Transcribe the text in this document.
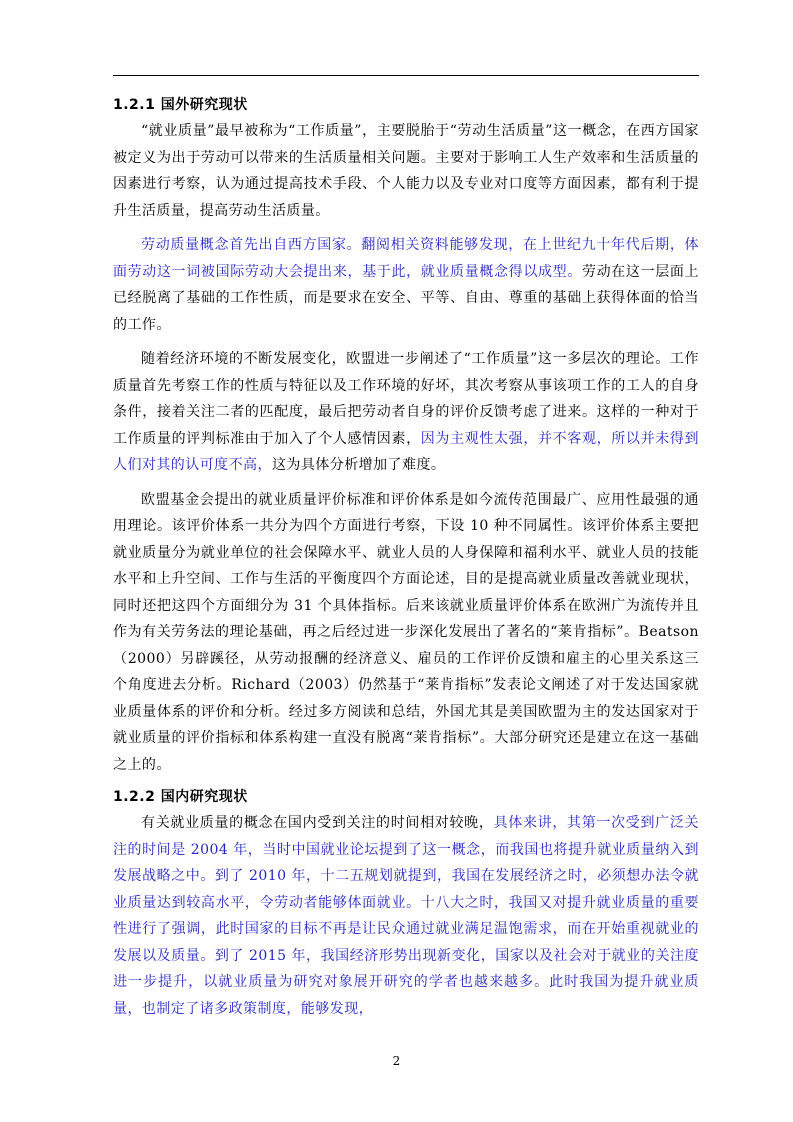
1.2.1 国外研究现状

“就业质量”最早被称为“工作质量”，主要脱胎于“劳动生活质量”这一概念，在西方国家被定义为出于劳动可以带来的生活质量相关问题。主要对于影响工人生产效率和生活质量的因素进行考察，认为通过提高技术手段、个人能力以及专业对口度等方面因素，都有利于提升生活质量，提高劳动生活质量。

劳动质量概念首先出自西方国家。翻阅相关资料能够发现，在上世纪九十年代后期，体面劳动这一词被国际劳动大会提出来，基于此，就业质量概念得以成型。劳动在这一层面上已经脱离了基础的工作性质，而是要求在安全、平等、自由、尊重的基础上获得体面的恰当的工作。

随着经济环境的不断发展变化，欧盟进一步阐述了“工作质量”这一多层次的理论。工作质量首先考察工作的性质与特征以及工作环境的好坏，其次考察从事该项工作的工人的自身条件，接着关注二者的匹配度，最后把劳动者自身的评价反馈考虑了进来。这样的一种对于工作质量的评判标准由于加入了个人感情因素，因为主观性太强，并不客观，所以并未得到人们对其的认可度不高，这为具体分析增加了难度。

欧盟基金会提出的就业质量评价标准和评价体系是如今流传范围最广、应用性最强的通用理论。该评价体系一共分为四个方面进行考察，下设 10 种不同属性。该评价体系主要把就业质量分为就业单位的社会保障水平、就业人员的人身保障和福利水平、就业人员的技能水平和上升空间、工作与生活的平衡度四个方面论述，目的是提高就业质量改善就业现状，同时还把这四个方面细分为 31 个具体指标。后来该就业质量评价体系在欧洲广为流传并且作为有关劳务法的理论基础，再之后经过进一步深化发展出了著名的“莱肯指标”。Beatson（2000）另辟蹊径，从劳动报酬的经济意义、雇员的工作评价反馈和雇主的心里关系这三个角度进去分析。Richard（2003）仍然基于“莱肯指标”发表论文阐述了对于发达国家就业质量体系的评价和分析。经过多方阅读和总结，外国尤其是美国欧盟为主的发达国家对于就业质量的评价指标和体系构建一直没有脱离“莱肯指标”。大部分研究还是建立在这一基础之上的。

1.2.2 国内研究现状

有关就业质量的概念在国内受到关注的时间相对较晚，具体来讲，其第一次受到广泛关注的时间是 2004 年，当时中国就业论坛提到了这一概念，而我国也将提升就业质量纳入到发展战略之中。到了 2010 年，十二五规划就提到，我国在发展经济之时，必须想办法令就业质量达到较高水平，令劳动者能够体面就业。十八大之时，我国又对提升就业质量的重要性进行了强调，此时国家的目标不再是让民众通过就业满足温饱需求，而在开始重视就业的发展以及质量。到了 2015 年，我国经济形势出现新变化，国家以及社会对于就业的关注度进一步提升，以就业质量为研究对象展开研究的学者也越来越多。此时我国为提升就业质量，也制定了诸多政策制度，能够发现，

2
